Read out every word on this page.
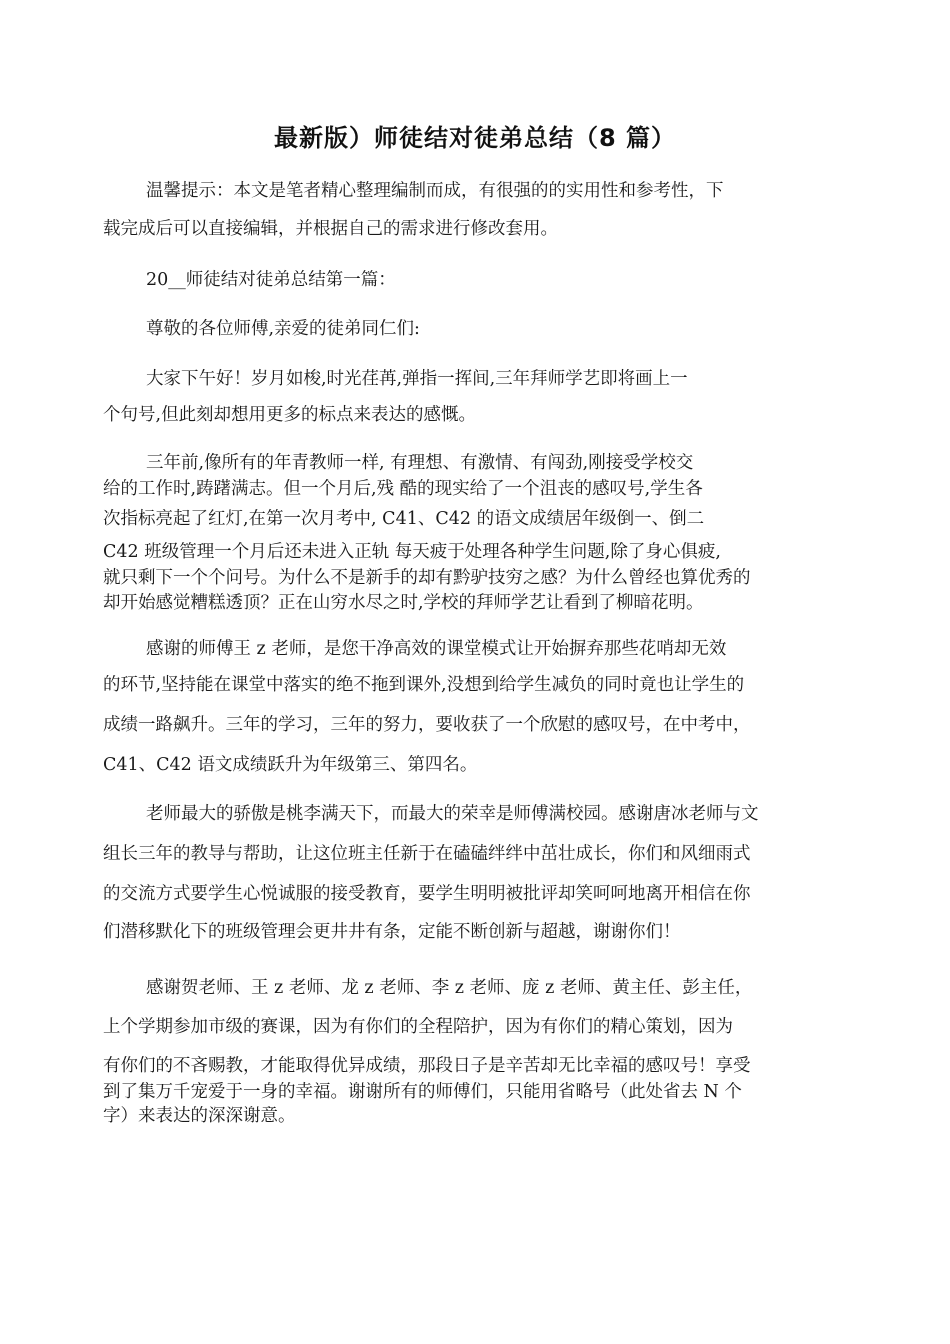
最新版）师徒结对徒弟总结（8 篇）
温馨提示：本文是笔者精心整理编制而成，有很强的的实用性和参考性，下
载完成后可以直接编辑，并根据自己的需求进行修改套用。
20__师徒结对徒弟总结第一篇：
尊敬的各位师傅,亲爱的徒弟同仁们:
大家下午好！岁月如梭,时光荏苒,弹指一挥间,三年拜师学艺即将画上一
个句号,但此刻却想用更多的标点来表达的感慨。
三年前,像所有的年青教师一样, 有理想、有激情、有闯劲,刚接受学校交
给的工作时,踌躇满志。但一个月后,残 酷的现实给了一个沮丧的感叹号,学生各
次指标亮起了红灯,在第一次月考中, C41、C42 的语文成绩居年级倒一、倒二
C42 班级管理一个月后还未进入正轨 每天疲于处理各种学生问题,除了身心俱疲,
就只剩下一个个问号。为什么不是新手的却有黔驴技穷之感？为什么曾经也算优秀的
却开始感觉糟糕透顶？正在山穷水尽之时,学校的拜师学艺让看到了柳暗花明。
感谢的师傅王 z 老师，是您干净高效的课堂模式让开始摒弃那些花哨却无效
的环节,坚持能在课堂中落实的绝不拖到课外,没想到给学生减负的同时竟也让学生的
成绩一路飙升。三年的学习，三年的努力，要收获了一个欣慰的感叹号，在中考中，
C41、C42 语文成绩跃升为年级第三、第四名。
老师最大的骄傲是桃李满天下，而最大的荣幸是师傅满校园。感谢唐冰老师与文
组长三年的教导与帮助，让这位班主任新于在磕磕绊绊中茁壮成长，你们和风细雨式
的交流方式要学生心悦诚服的接受教育，要学生明明被批评却笑呵呵地离开相信在你
们潜移默化下的班级管理会更井井有条，定能不断创新与超越，谢谢你们！
感谢贺老师、王 z 老师、龙 z 老师、李 z 老师、庞 z 老师、黄主任、彭主任，
上个学期参加市级的赛课，因为有你们的全程陪护，因为有你们的精心策划，因为
有你们的不吝赐教，才能取得优异成绩，那段日子是辛苦却无比幸福的感叹号！享受
到了集万千宠爱于一身的幸福。谢谢所有的师傅们，只能用省略号（此处省去 N 个
字）来表达的深深谢意。
